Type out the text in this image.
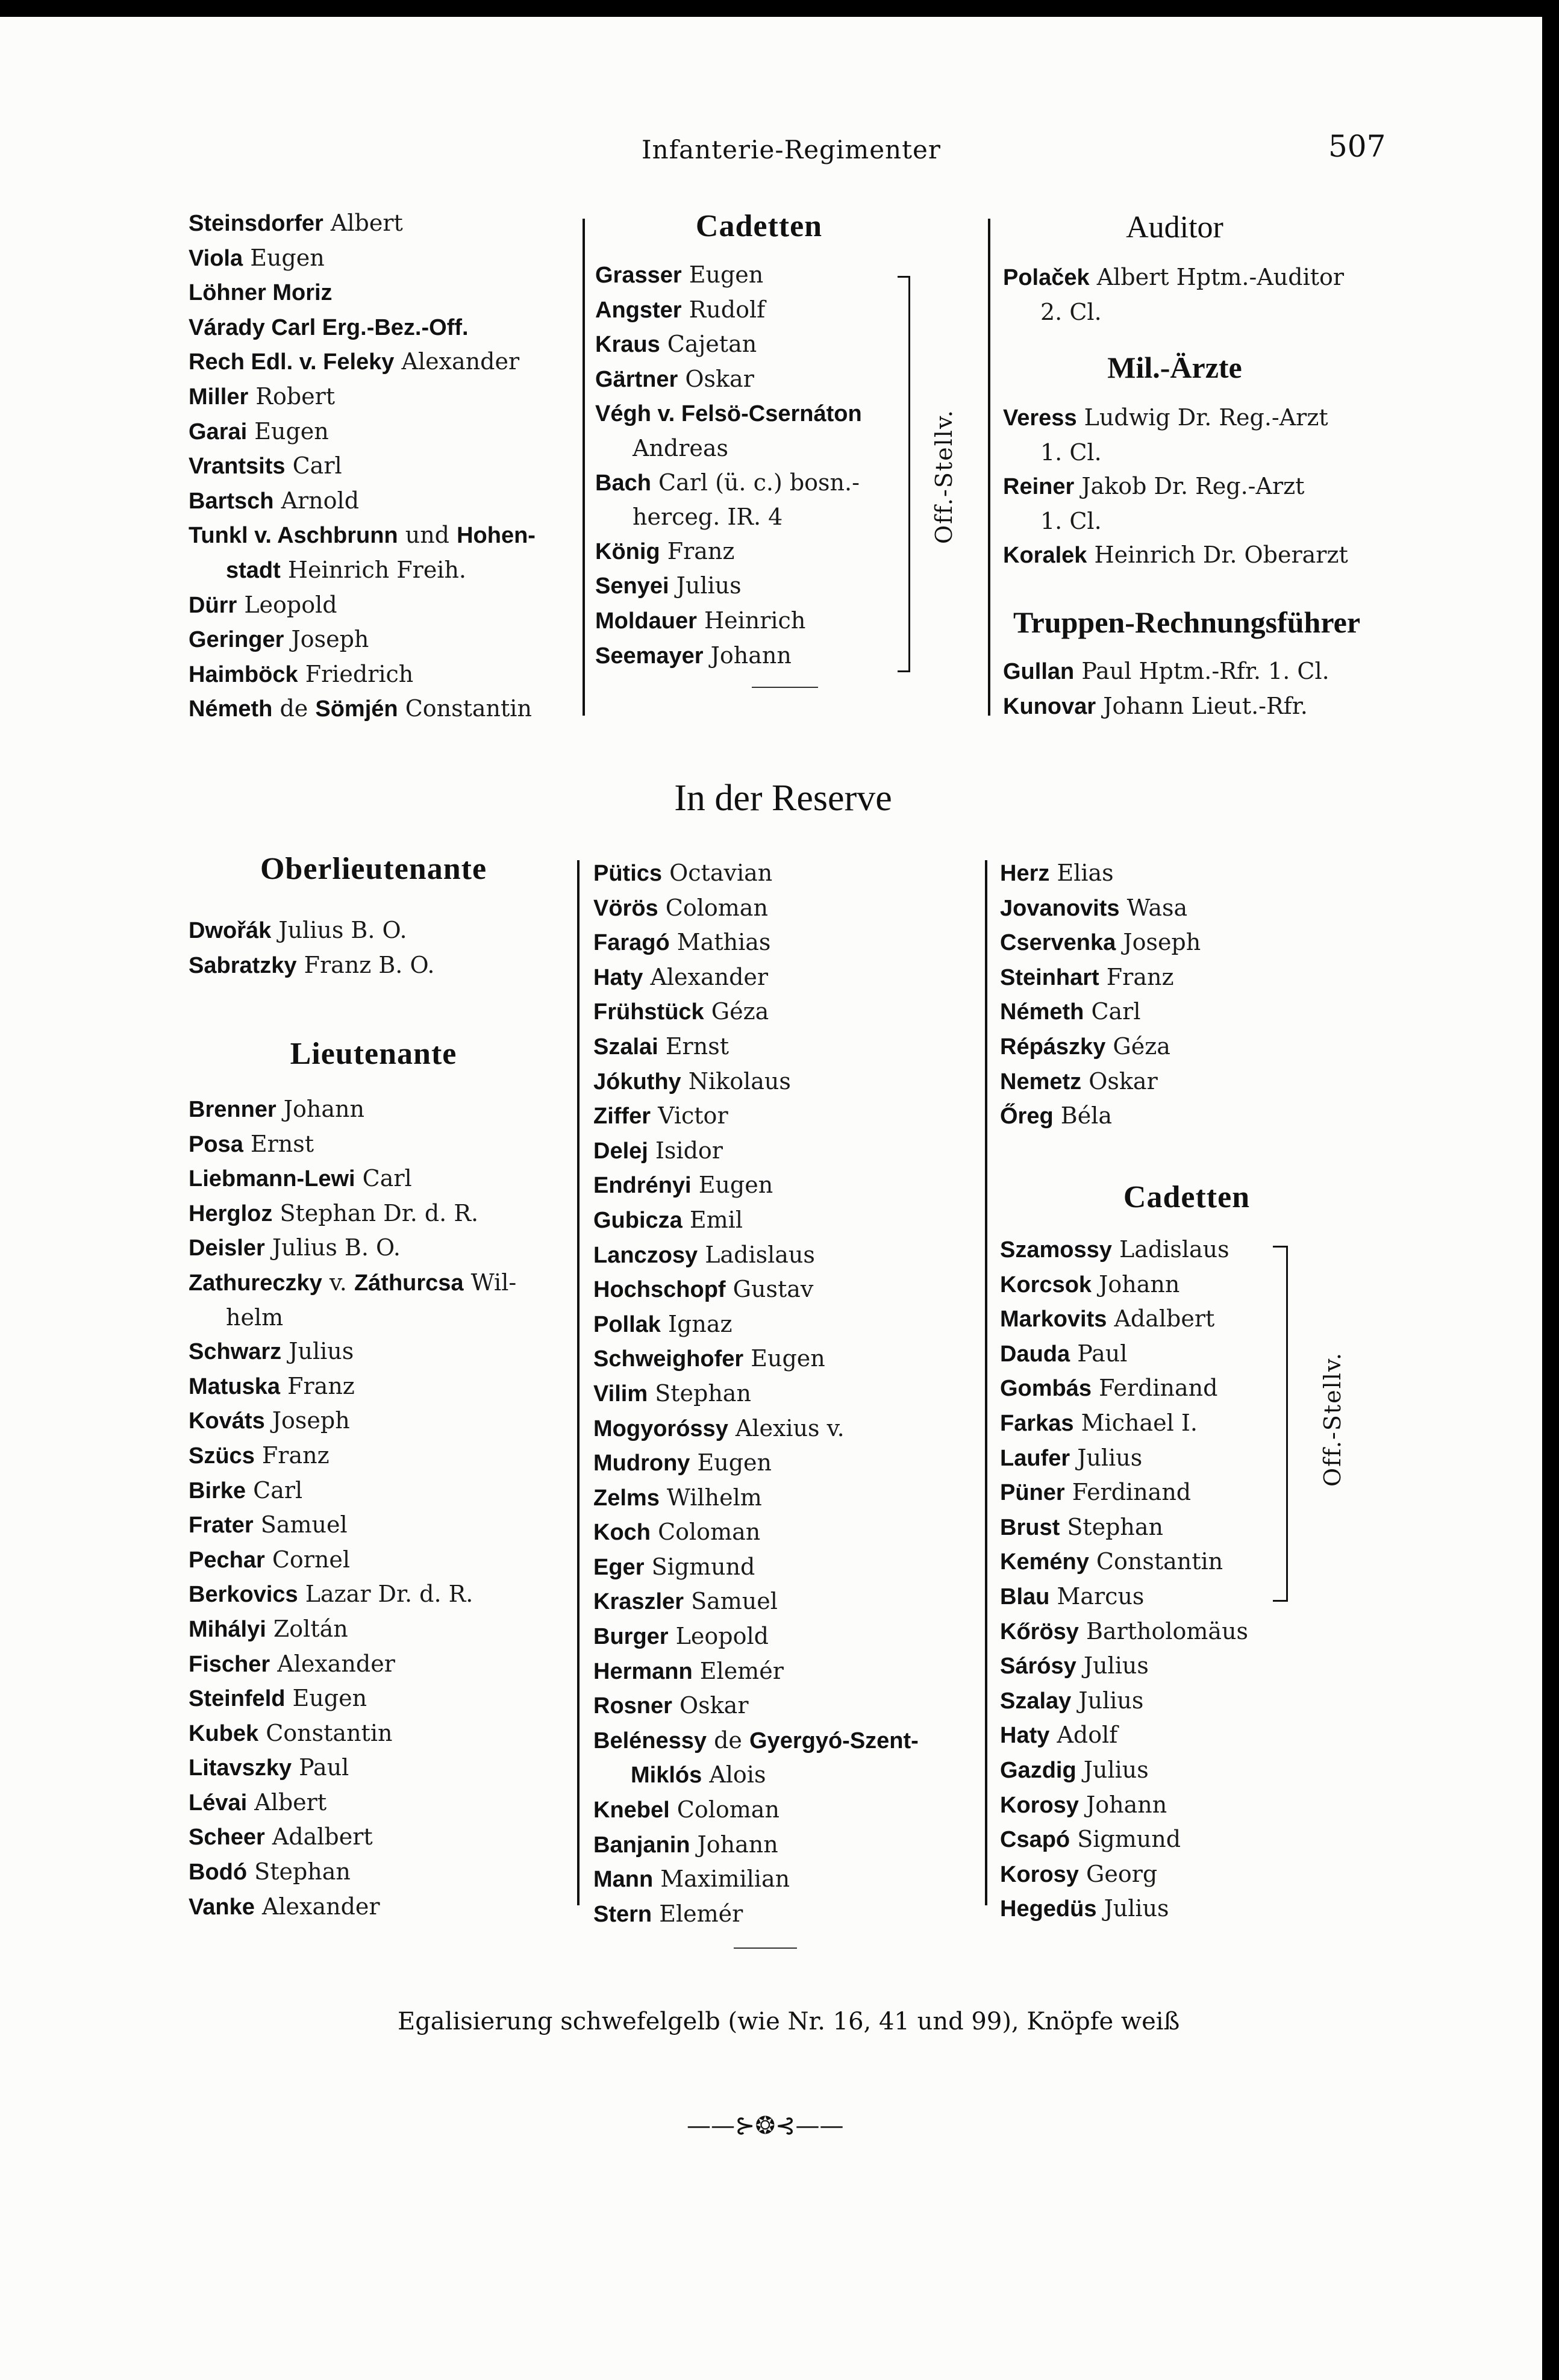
Infanterie-Regimenter	507
Steinsdorfer Albert
Viola Eugen
Löhner Moriz
Várady Carl Erg.-Bez.-Off.
Rech Edl. v. Feleky Alexander
Miller Robert
Garai Eugen
Vrantsits Carl
Bartsch Arnold
Tunkl v. Aschbrunn und Hohen-
stadt Heinrich Freih.
Dürr Leopold
Geringer Joseph
Haimböck Friedrich
Németh de Sömjén Constantin
Cadetten
Grasser Eugen
Angster Rudolf
Kraus Cajetan
Gärtner Oskar
Végh v. Felsö-Csernáton
Andreas
Bach Carl (ü. c.) bosn.-
herceg. IR. 4
König Franz
Senyei Julius
Moldauer Heinrich
Seemayer Johann
Off.-Stellv.
Auditor
Polaček Albert Hptm.-Auditor
2. Cl.
Mil.-Ärzte
Veress Ludwig Dr. Reg.-Arzt
1. Cl.
Reiner Jakob Dr. Reg.-Arzt
1. Cl.
Koralek Heinrich Dr. Oberarzt
Truppen-Rechnungsführer
Gullan Paul Hptm.-Rfr. 1. Cl.
Kunovar Johann Lieut.-Rfr.
In der Reserve
Oberlieutenante
Dwořák Julius B. O.
Sabratzky Franz B. O.
Lieutenante
Brenner Johann
Posa Ernst
Liebmann-Lewi Carl
Hergloz Stephan Dr. d. R.
Deisler Julius B. O.
Zathureczky v. Záthurcsa Wil-
helm
Schwarz Julius
Matuska Franz
Kováts Joseph
Szücs Franz
Birke Carl
Frater Samuel
Pechar Cornel
Berkovics Lazar Dr. d. R.
Mihályi Zoltán
Fischer Alexander
Steinfeld Eugen
Kubek Constantin
Litavszky Paul
Lévai Albert
Scheer Adalbert
Bodó Stephan
Vanke Alexander
Pütics Octavian
Vörös Coloman
Faragó Mathias
Haty Alexander
Frühstück Géza
Szalai Ernst
Jókuthy Nikolaus
Ziffer Victor
Delej Isidor
Endrényi Eugen
Gubicza Emil
Lanczosy Ladislaus
Hochschopf Gustav
Pollak Ignaz
Schweighofer Eugen
Vilim Stephan
Mogyoróssy Alexius v.
Mudrony Eugen
Zelms Wilhelm
Koch Coloman
Eger Sigmund
Kraszler Samuel
Burger Leopold
Hermann Elemér
Rosner Oskar
Belénessy de Gyergyó-Szent-
Miklós Alois
Knebel Coloman
Banjanin Johann
Mann Maximilian
Stern Elemér
Herz Elias
Jovanovits Wasa
Cservenka Joseph
Steinhart Franz
Németh Carl
Répászky Géza
Nemetz Oskar
Őreg Béla
Cadetten
Szamossy Ladislaus
Korcsok Johann
Markovits Adalbert
Dauda Paul
Gombás Ferdinand
Farkas Michael I.
Laufer Julius
Püner Ferdinand
Brust Stephan
Kemény Constantin
Blau Marcus
Kőrösy Bartholomäus
Sárósy Julius
Szalay Julius
Haty Adolf
Gazdig Julius
Korosy Johann
Csapó Sigmund
Korosy Georg
Hegedüs Julius
Off.-Stellv.
Egalisierung schwefelgelb (wie Nr. 16, 41 und 99), Knöpfe weiß
——⊱❂⊰——
